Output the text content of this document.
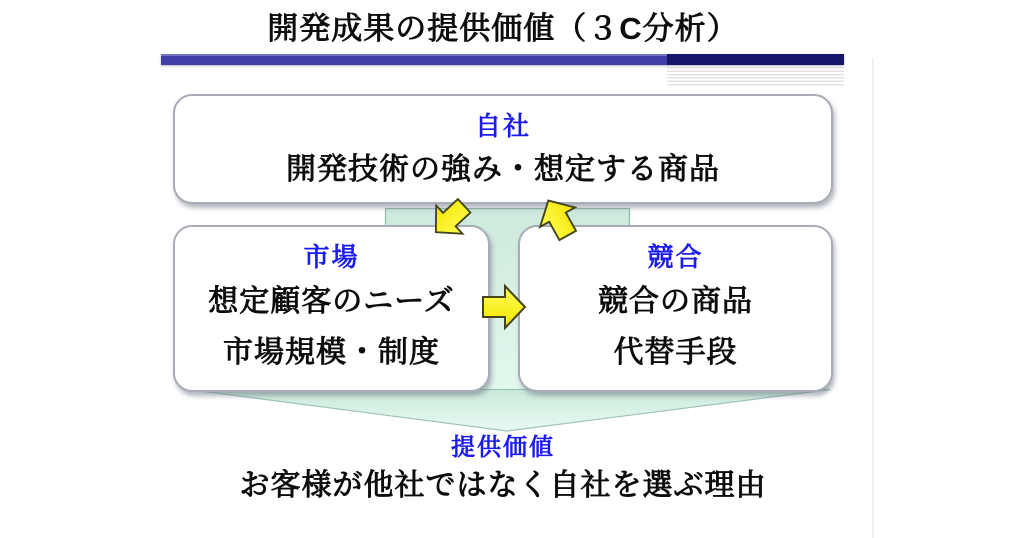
開発成果の提供価値（３C分析）
自社
開発技術の強み・想定する商品
市場
想定顧客のニーズ
市場規模・制度
競合
競合の商品
代替手段
提供価値
お客様が他社ではなく自社を選ぶ理由
